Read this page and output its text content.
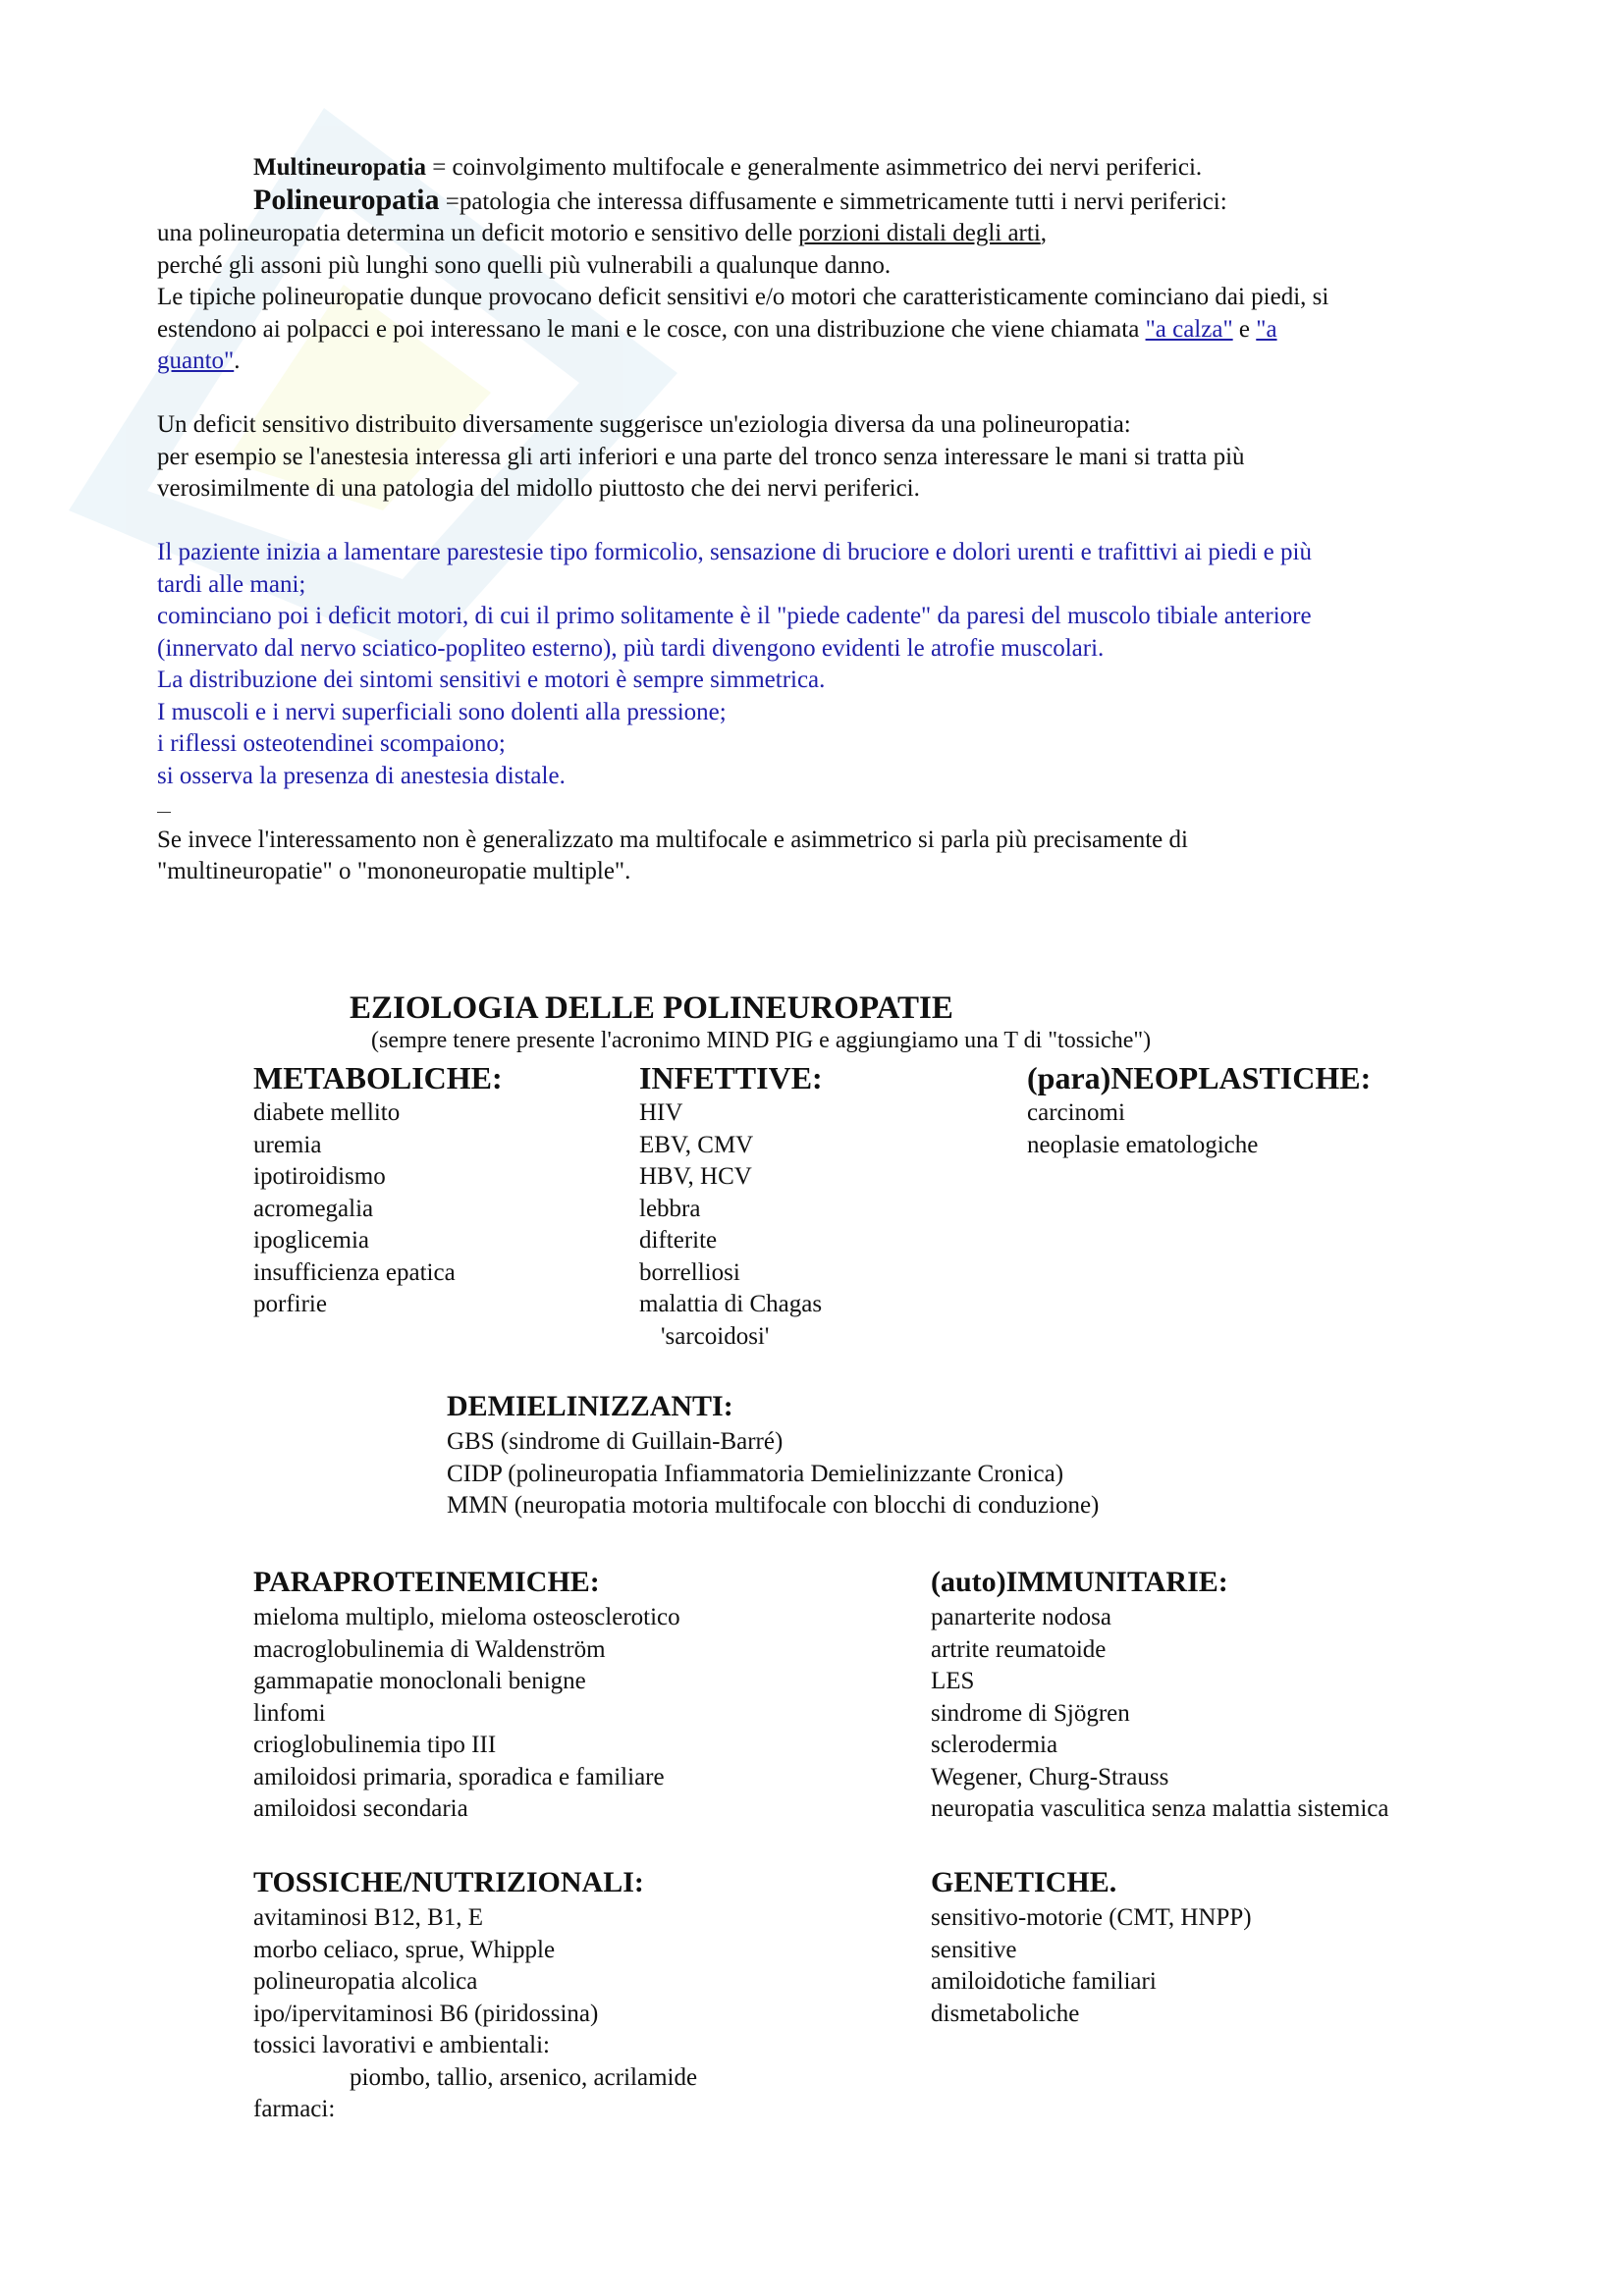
Multineuropatia = coinvolgimento multifocale e generalmente asimmetrico dei nervi periferici.
Polineuropatia =patologia che interessa diffusamente e simmetricamente tutti i nervi periferici:
una polineuropatia determina un deficit motorio e sensitivo delle porzioni distali degli arti,
perché gli assoni più lunghi sono quelli più vulnerabili a qualunque danno.
Le tipiche polineuropatie dunque provocano deficit sensitivi e/o motori che caratteristicamente cominciano dai piedi, si
estendono ai polpacci e poi interessano le mani e le cosce, con una distribuzione che viene chiamata "a calza" e "a
guanto".
Un deficit sensitivo distribuito diversamente suggerisce un'eziologia diversa da una polineuropatia:
per esempio se l'anestesia interessa gli arti inferiori e una parte del tronco senza interessare le mani si tratta più
verosimilmente di una patologia del midollo piuttosto che dei nervi periferici.
Il paziente inizia a lamentare parestesie tipo formicolio, sensazione di bruciore e dolori urenti e trafittivi ai piedi e più
tardi alle mani;
cominciano poi i deficit motori, di cui il primo solitamente è il "piede cadente" da paresi del muscolo tibiale anteriore
(innervato dal nervo sciatico-popliteo esterno), più tardi divengono evidenti le atrofie muscolari.
La distribuzione dei sintomi sensitivi e motori è sempre simmetrica.
I muscoli e i nervi superficiali sono dolenti alla pressione;
i riflessi osteotendinei scompaiono;
si osserva la presenza di anestesia distale.
Se invece l'interessamento non è generalizzato ma multifocale e asimmetrico si parla più precisamente di
"multineuropatie" o "mononeuropatie multiple".
EZIOLOGIA DELLE POLINEUROPATIE
(sempre tenere presente l'acronimo MIND PIG e aggiungiamo una T di "tossiche")
METABOLICHE:
diabete mellito
uremia
ipotiroidismo
acromegalia
ipoglicemia
insufficienza epatica
porfirie
INFETTIVE:
HIV
EBV, CMV
HBV, HCV
lebbra
difterite
borrelliosi
malattia di Chagas
'sarcoidosi'
(para)NEOPLASTICHE:
carcinomi
neoplasie ematologiche
DEMIELINIZZANTI:
GBS (sindrome di Guillain-Barré)
CIDP (polineuropatia Infiammatoria Demielinizzante Cronica)
MMN (neuropatia motoria multifocale con blocchi di conduzione)
PARAPROTEINEMICHE:
mieloma multiplo, mieloma osteosclerotico
macroglobulinemia di Waldenström
gammapatie monoclonali benigne
linfomi
crioglobulinemia tipo III
amiloidosi primaria, sporadica e familiare
amiloidosi secondaria
(auto)IMMUNITARIE:
panarterite nodosa
artrite reumatoide
LES
sindrome di Sjögren
sclerodermia
Wegener, Churg-Strauss
neuropatia vasculitica senza malattia sistemica
TOSSICHE/NUTRIZIONALI:
avitaminosi B12, B1, E
morbo celiaco, sprue, Whipple
polineuropatia alcolica
ipo/ipervitaminosi B6 (piridossina)
tossici lavorativi e ambientali:
piombo, tallio, arsenico, acrilamide
farmaci:
GENETICHE.
sensitivo-motorie (CMT, HNPP)
sensitive
amiloidotiche familiari
dismetaboliche
